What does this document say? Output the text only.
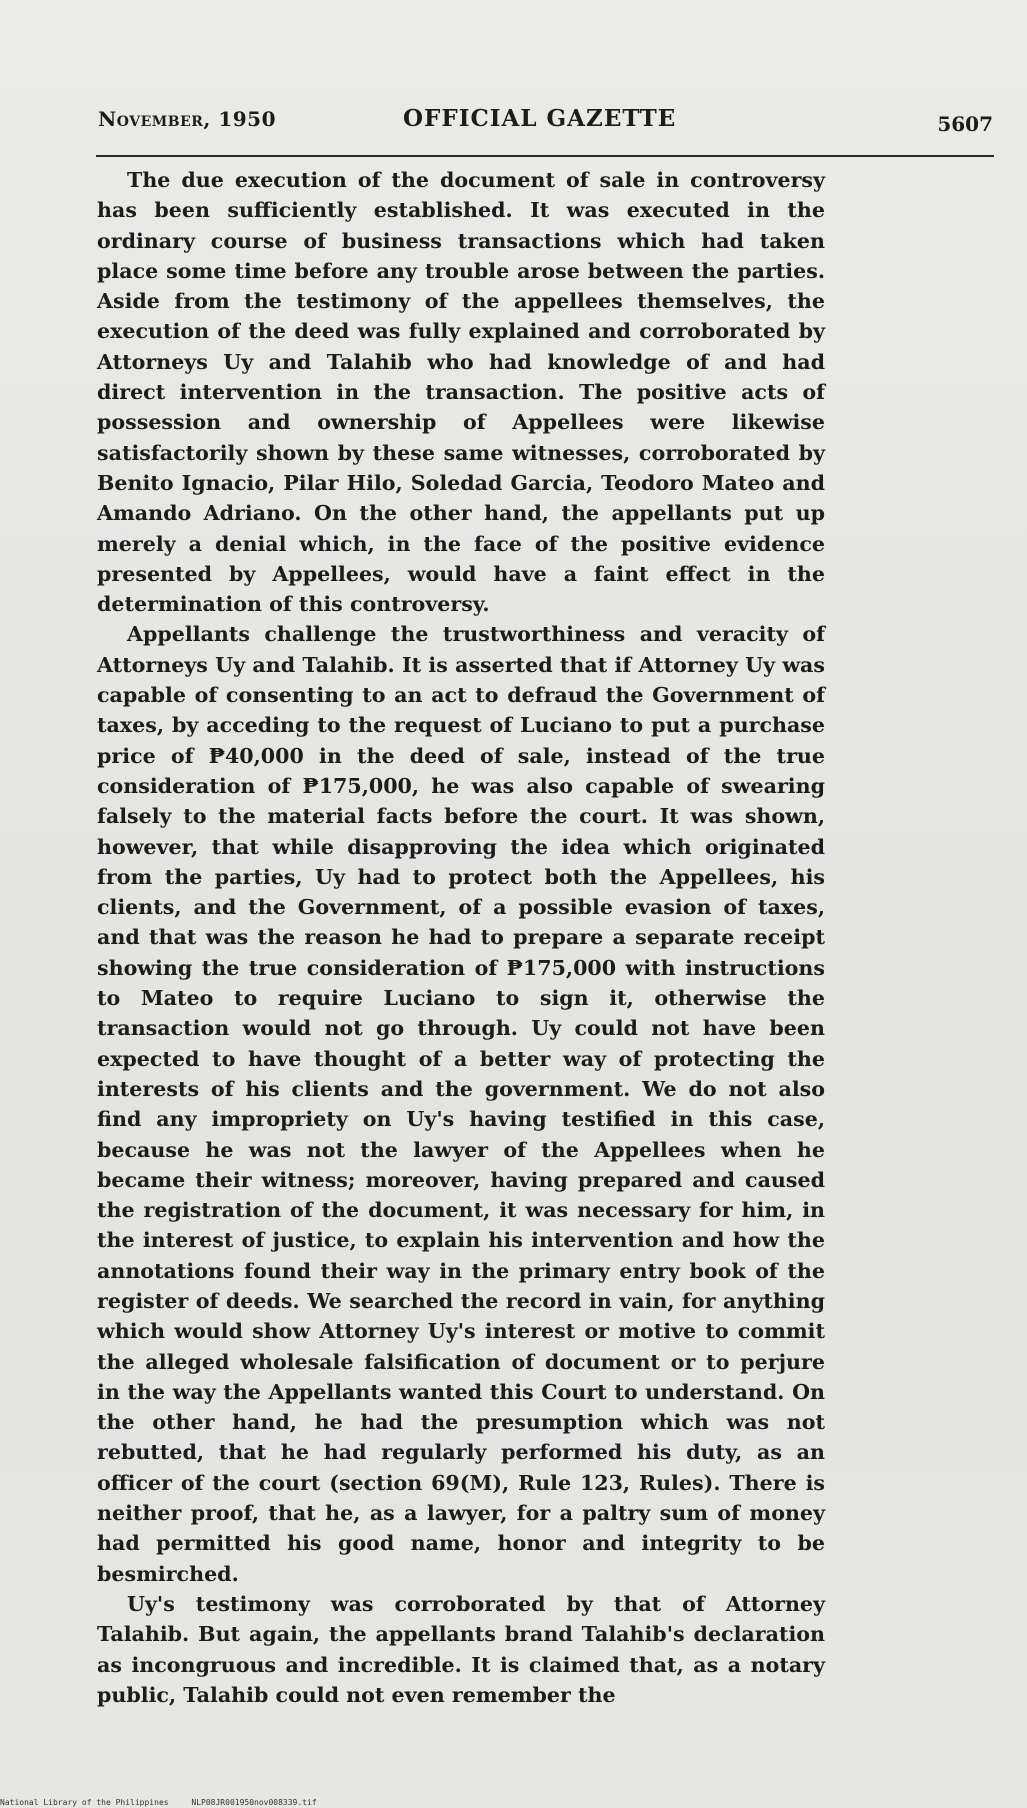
November, 1950	OFFICIAL GAZETTE	5607

The due execution of the document of sale in controversy has been sufficiently established. It was executed in the ordinary course of business transactions which had taken place some time before any trouble arose between the parties. Aside from the testimony of the appellees themselves, the execution of the deed was fully explained and corroborated by Attorneys Uy and Talahib who had knowledge of and had direct intervention in the transaction. The positive acts of possession and ownership of Appellees were likewise satisfactorily shown by these same witnesses, corroborated by Benito Ignacio, Pilar Hilo, Soledad Garcia, Teodoro Mateo and Amando Adriano. On the other hand, the appellants put up merely a denial which, in the face of the positive evidence presented by Appellees, would have a faint effect in the determination of this controversy.

Appellants challenge the trustworthiness and veracity of Attorneys Uy and Talahib. It is asserted that if Attorney Uy was capable of consenting to an act to defraud the Government of taxes, by acceding to the request of Luciano to put a purchase price of ₱40,000 in the deed of sale, instead of the true consideration of ₱175,000, he was also capable of swearing falsely to the material facts before the court. It was shown, however, that while disapproving the idea which originated from the parties, Uy had to protect both the Appellees, his clients, and the Government, of a possible evasion of taxes, and that was the reason he had to prepare a separate receipt showing the true consideration of ₱175,000 with instructions to Mateo to require Luciano to sign it, otherwise the transaction would not go through. Uy could not have been expected to have thought of a better way of protecting the interests of his clients and the government. We do not also find any impropriety on Uy's having testified in this case, because he was not the lawyer of the Appellees when he became their witness; moreover, having prepared and caused the registration of the document, it was necessary for him, in the interest of justice, to explain his intervention and how the annotations found their way in the primary entry book of the register of deeds. We searched the record in vain, for anything which would show Attorney Uy's interest or motive to commit the alleged wholesale falsification of document or to perjure in the way the Appellants wanted this Court to understand. On the other hand, he had the presumption which was not rebutted, that he had regularly performed his duty, as an officer of the court (section 69(M), Rule 123, Rules). There is neither proof, that he, as a lawyer, for a paltry sum of money had permitted his good name, honor and integrity to be besmirched.

Uy's testimony was corroborated by that of Attorney Talahib. But again, the appellants brand Talahib's declaration as incongruous and incredible. It is claimed that, as a notary public, Talahib could not even remember the

National Library of the Philippines	NLP08JR001950nov008339.tif
